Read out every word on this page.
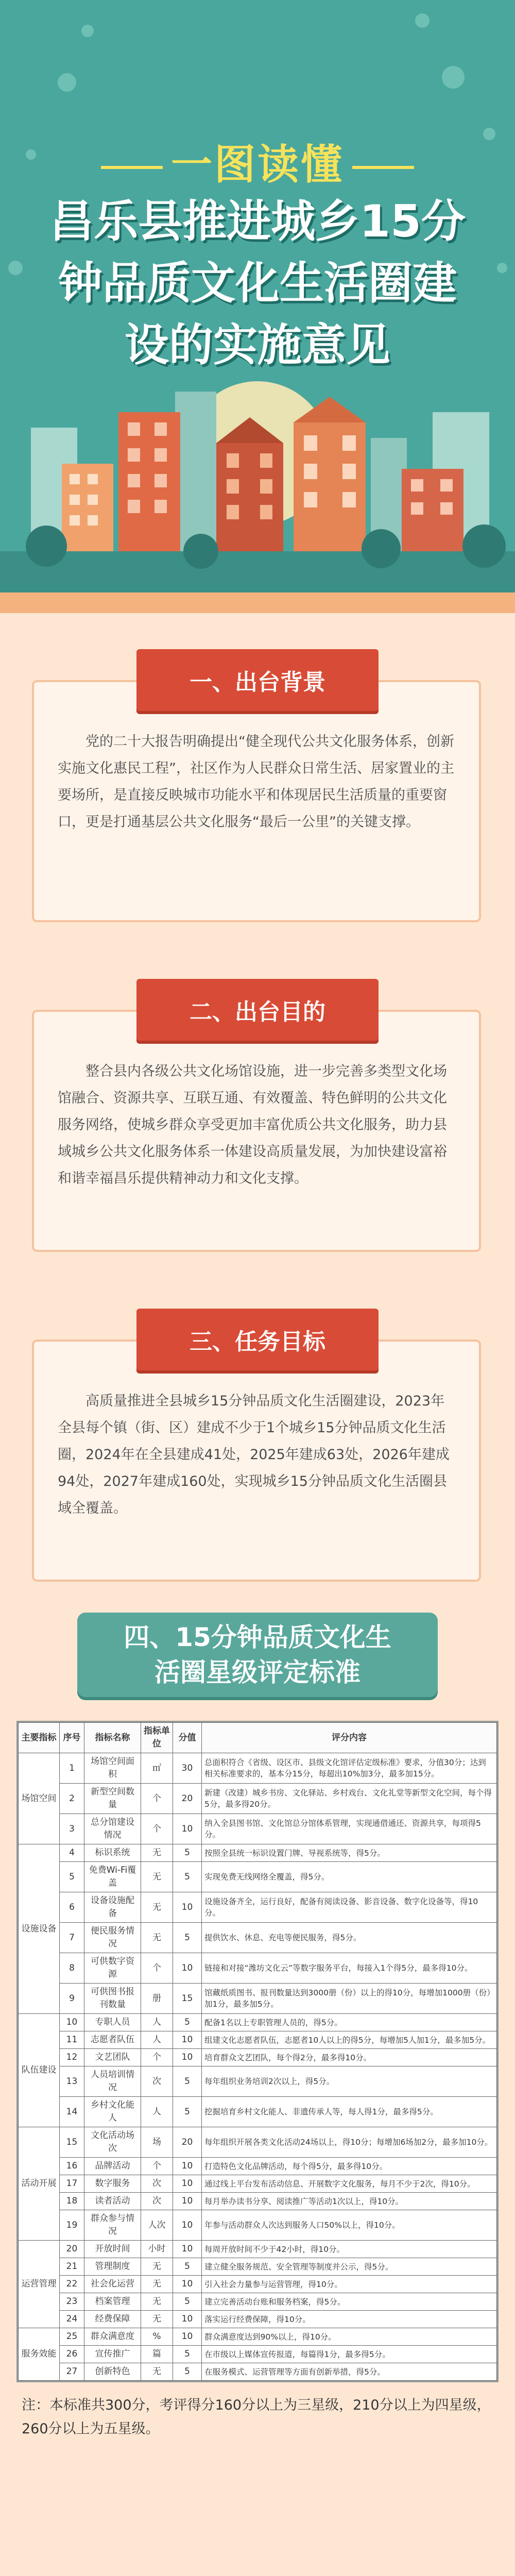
一图读懂
昌乐县推进城乡15分
钟品质文化生活圈建
设的实施意见

党的二十大报告明确提出“健全现代公共文化服务体系，创新实施文化惠民工程”，社区作为人民群众日常生活、居家置业的主要场所，是直接反映城市功能水平和体现居民生活质量的重要窗口，更是打通基层公共文化服务“最后一公里”的关键支撑。

一、出台背景

整合县内各级公共文化场馆设施，进一步完善多类型文化场馆融合、资源共享、互联互通、有效覆盖、特色鲜明的公共文化服务网络，使城乡群众享受更加丰富优质公共文化服务，助力县域城乡公共文化服务体系一体建设高质量发展，为加快建设富裕和谐幸福昌乐提供精神动力和文化支撑。

二、出台目的

高质量推进全县城乡15分钟品质文化生活圈建设，2023年全县每个镇（街、区）建成不少于1个城乡15分钟品质文化生活圈，2024年在全县建成41处，2025年建成63处，2026年建成94处，2027年建成160处，实现城乡15分钟品质文化生活圈县域全覆盖。

三、任务目标
四、15分钟品质文化生
活圈星级评定标准
主要指标	序号	指标名称	指标单位	分值	评分内容
场馆空间	1	场馆空间面积	㎡	30	总面积符合《省级、设区市、县级文化馆评估定级标准》要求，分值30分；达到相关标准要求的，基本分15分，每超出10%加3分，最多加15分。
	2	新型空间数量	个	20	新建（改建）城乡书房、文化驿站、乡村戏台、文化礼堂等新型文化空间，每个得5分，最多得20分。
	3	总分馆建设情况	个	10	纳入全县图书馆、文化馆总分馆体系管理，实现通借通还、资源共享，每项得5分。
设施设备	4	标识系统	无	5	按照全县统一标识设置门牌、导视系统等，得5分。
	5	免费Wi-Fi覆盖	无	5	实现免费无线网络全覆盖，得5分。
	6	设备设施配备	无	10	设施设备齐全，运行良好，配备有阅读设备、影音设备、数字化设备等，得10分。
	7	便民服务情况	无	5	提供饮水、休息、充电等便民服务，得5分。
	8	可供数字资源	个	10	链接和对接“潍坊文化云”等数字服务平台，每接入1个得5分，最多得10分。
	9	可供图书报刊数量	册	15	馆藏纸质图书、报刊数量达到3000册（份）以上的得10分，每增加1000册（份）加1分，最多加5分。
队伍建设	10	专职人员	人	5	配备1名以上专职管理人员的，得5分。
	11	志愿者队伍	人	10	组建文化志愿者队伍，志愿者10人以上的得5分，每增加5人加1分，最多加5分。
	12	文艺团队	个	10	培育群众文艺团队，每个得2分，最多得10分。
	13	人员培训情况	次	5	每年组织业务培训2次以上，得5分。
	14	乡村文化能人	人	5	挖掘培育乡村文化能人、非遗传承人等，每人得1分，最多得5分。
活动开展	15	文化活动场次	场	20	每年组织开展各类文化活动24场以上，得10分；每增加6场加2分，最多加10分。
	16	品牌活动	个	10	打造特色文化品牌活动，每个得5分，最多得10分。
	17	数字服务	次	10	通过线上平台发布活动信息、开展数字文化服务，每月不少于2次，得10分。
	18	读者活动	次	10	每月举办读书分享、阅读推广等活动1次以上，得10分。
	19	群众参与情况	人次	10	年参与活动群众人次达到服务人口50%以上，得10分。
运营管理	20	开放时间	小时	10	每周开放时间不少于42小时，得10分。
	21	管理制度	无	5	建立健全服务规范、安全管理等制度并公示，得5分。
	22	社会化运营	无	10	引入社会力量参与运营管理，得10分。
	23	档案管理	无	5	建立完善活动台账和服务档案，得5分。
	24	经费保障	无	10	落实运行经费保障，得10分。
服务效能	25	群众满意度	%	10	群众满意度达到90%以上，得10分。
	26	宣传推广	篇	5	在市级以上媒体宣传报道，每篇得1分，最多得5分。
	27	创新特色	无	5	在服务模式、运营管理等方面有创新举措，得5分。
注：本标准共300分，考评得分160分以上为三星级，210分以上为四星级，260分以上为五星级。
